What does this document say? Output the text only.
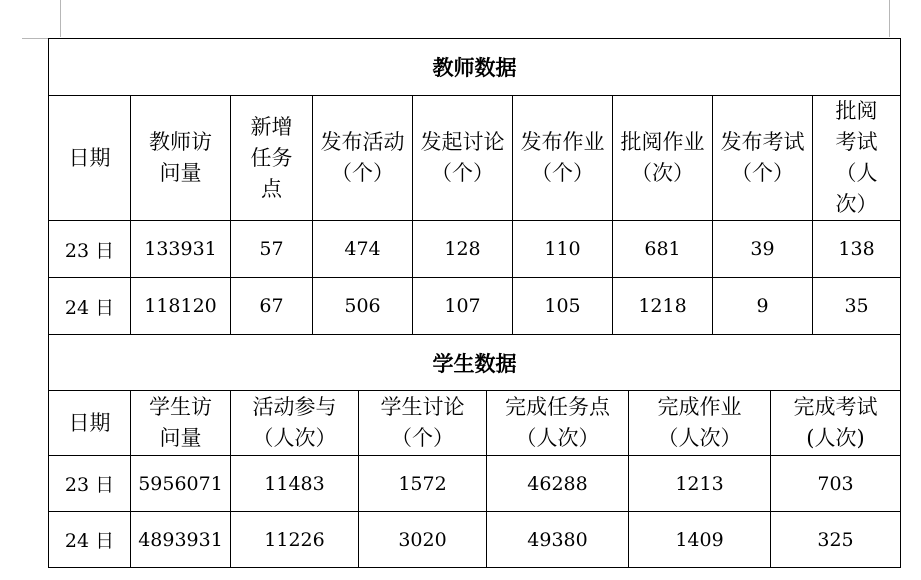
教师数据								
日期	教师访问量	新增任务点	发布活动（个）	发起讨论（个）	发布作业（个）	批阅作业（次）	发布考试（个）	批阅考试（人次）
23 日	133931	57	474	128	110	681	39	138
24 日	118120	67	506	107	105	1218	9	35
学生数据						
日期	学生访问量	活动参与（人次）	学生讨论（个）	完成任务点（人次）	完成作业（人次）	完成考试(人次)
23 日	5956071	11483	1572	46288	1213	703
24 日	4893931	11226	3020	49380	1409	325
